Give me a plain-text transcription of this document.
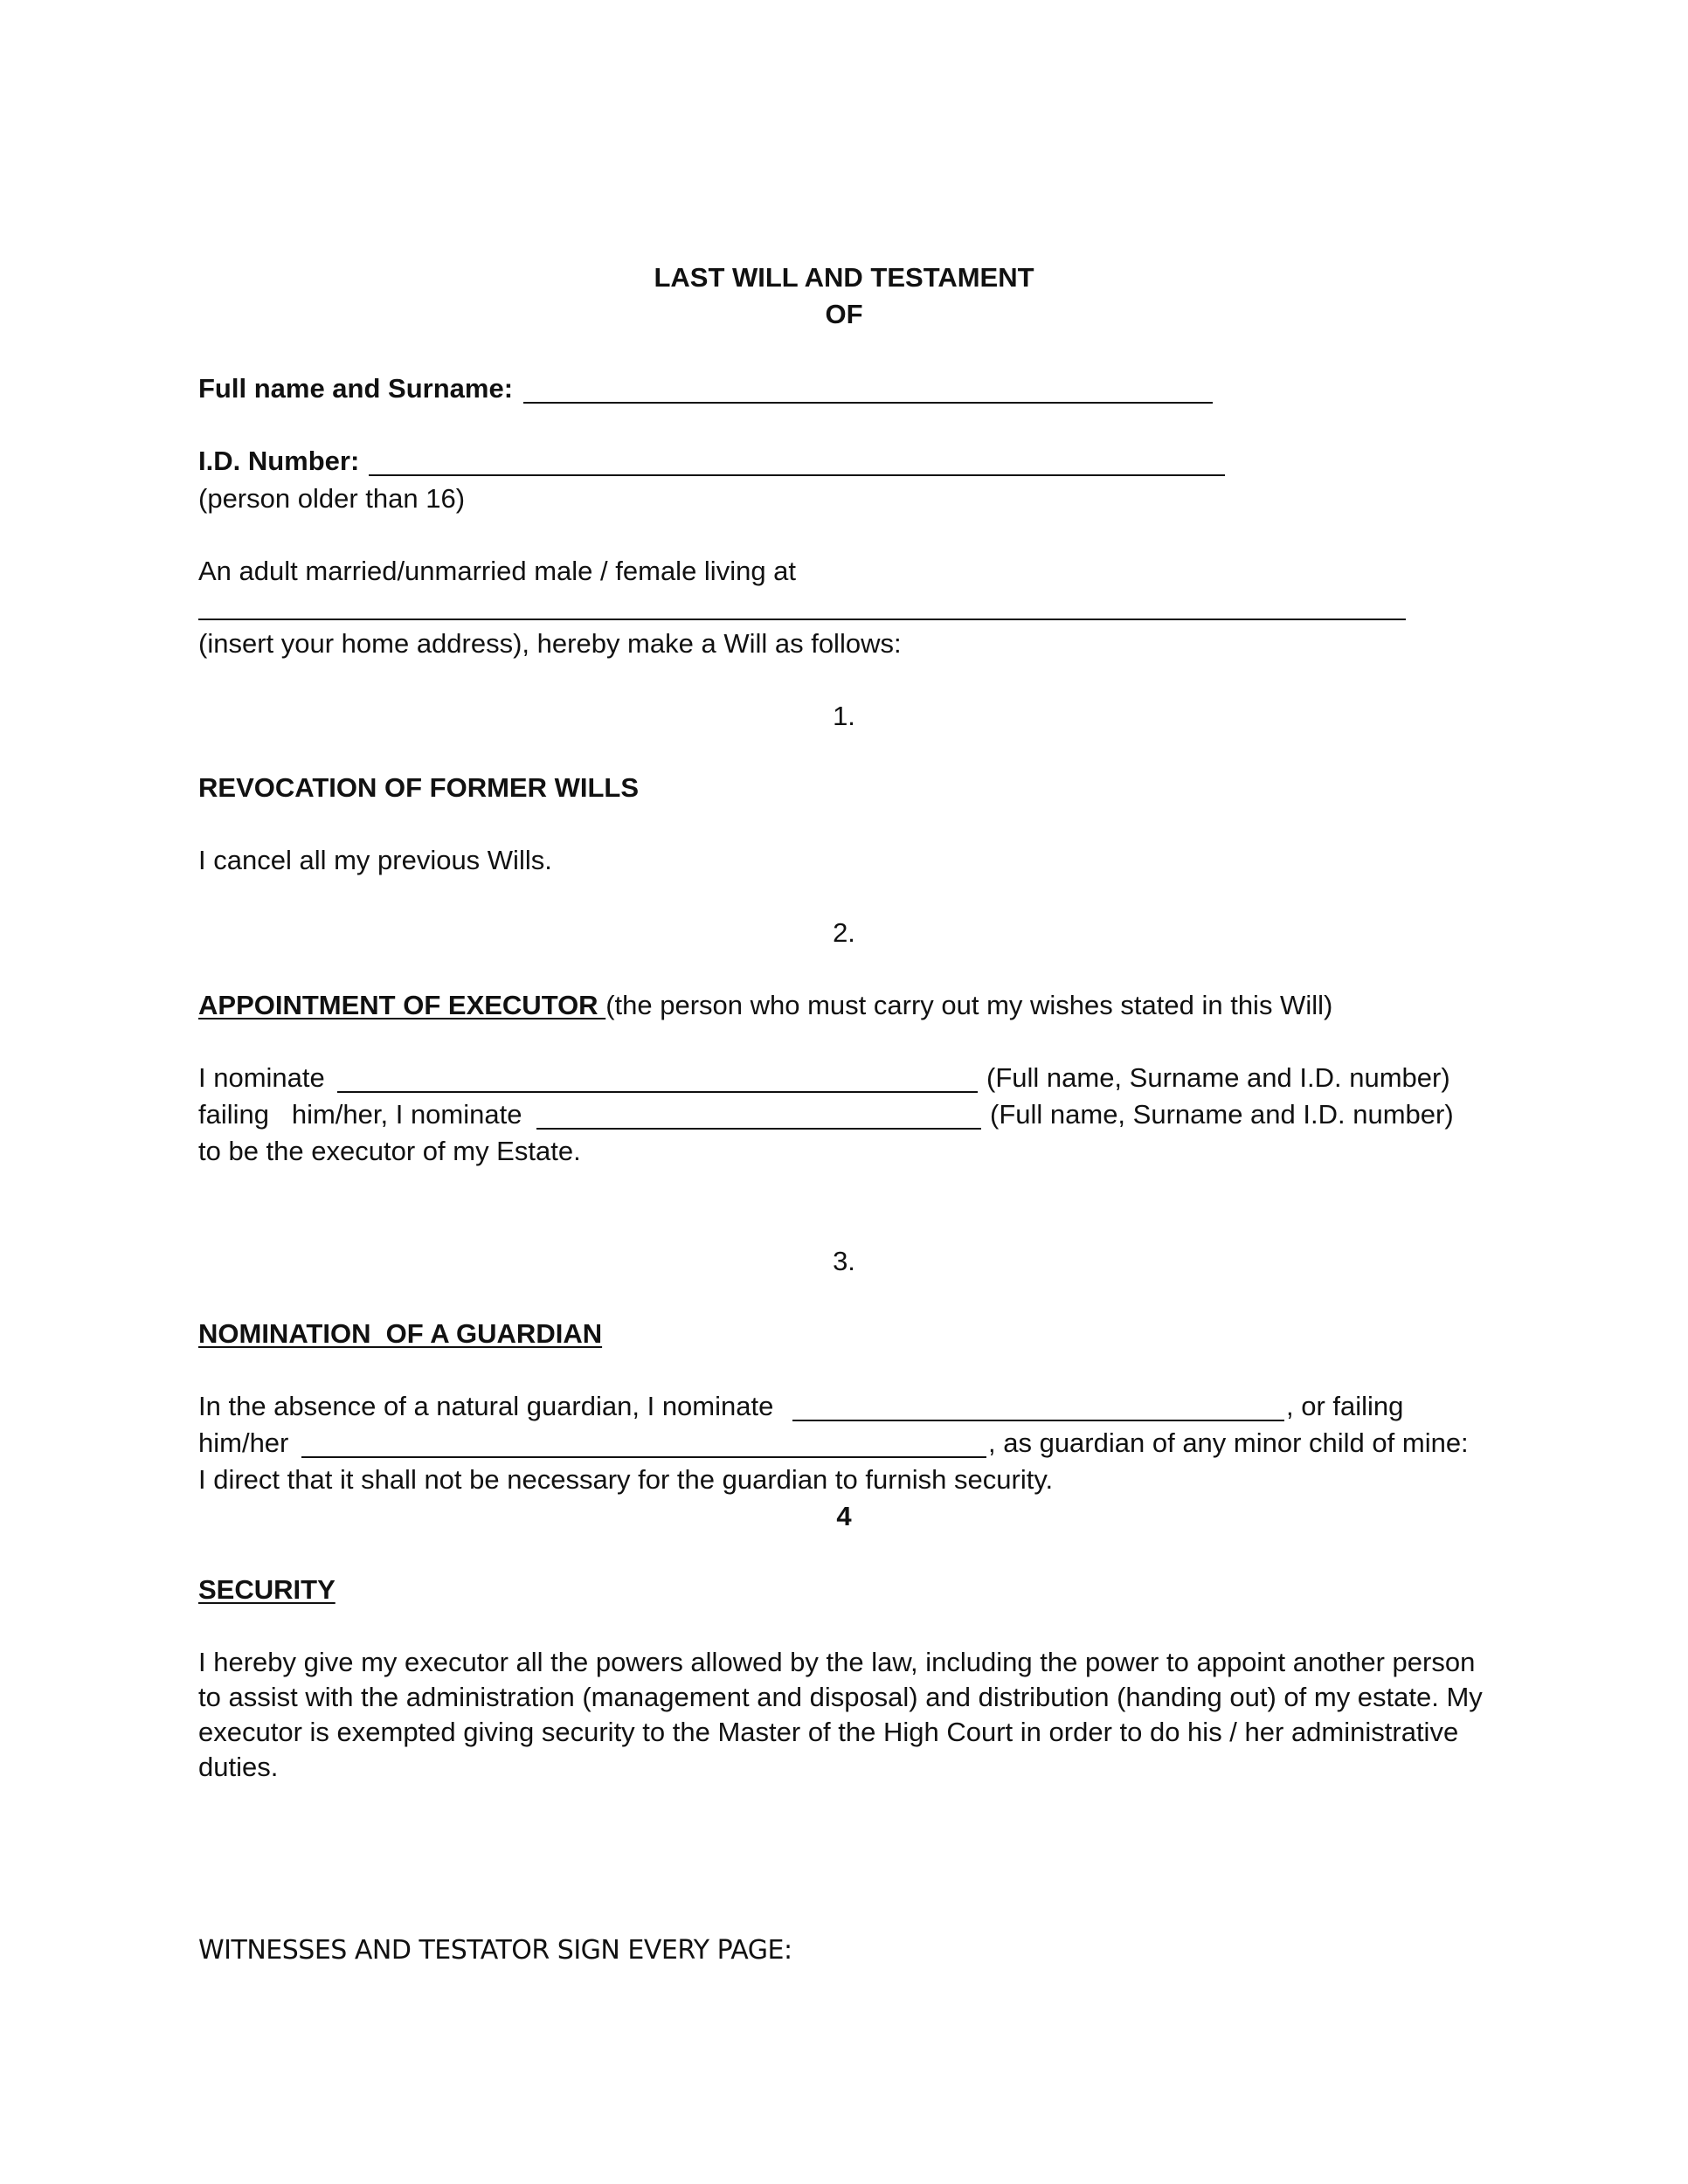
LAST WILL AND TESTAMENT
OF
Full name and Surname:
I.D. Number:
(person older than 16)
An adult married/unmarried male / female living at
(insert your home address), hereby make a Will as follows:
1.
REVOCATION OF FORMER WILLS
I cancel all my previous Wills.
2.
APPOINTMENT OF EXECUTOR (the person who must carry out my wishes stated in this Will)
I nominate	(Full name, Surname and I.D. number)
failing   him/her, I nominate	(Full name, Surname and I.D. number)
to be the executor of my Estate.
3.
NOMINATION  OF A GUARDIAN
In the absence of a natural guardian, I nominate	, or failing
him/her	, as guardian of any minor child of mine:
I direct that it shall not be necessary for the guardian to furnish security.
4
SECURITY
I hereby give my executor all the powers allowed by the law, including the power to appoint another person to assist with the administration (management and disposal) and distribution (handing out) of my estate. My executor is exempted giving security to the Master of the High Court in order to do his / her administrative duties.
WITNESSES AND TESTATOR SIGN EVERY PAGE:
